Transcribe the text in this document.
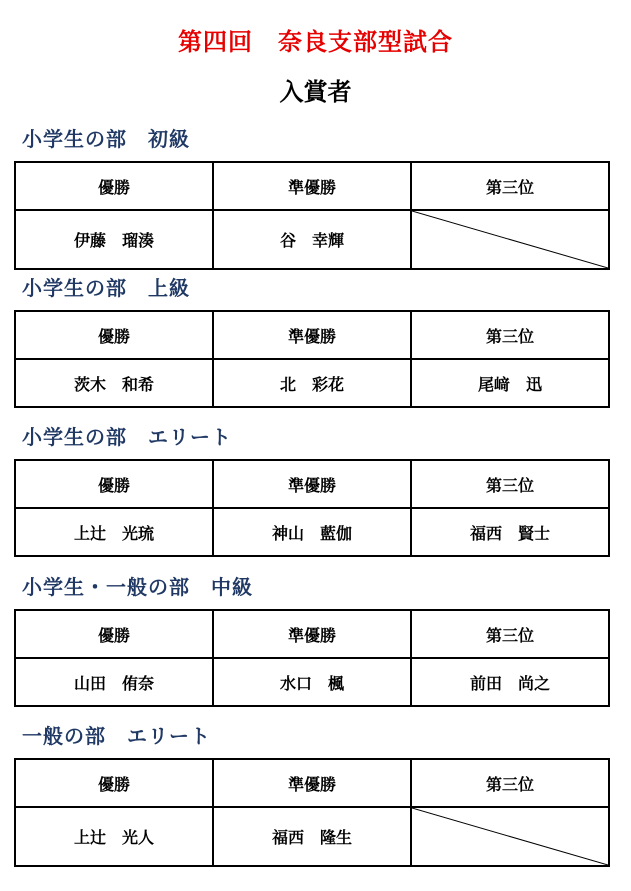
第四回　奈良支部型試合
入賞者
小学生の部　初級
優勝	準優勝	第三位
伊藤　瑠湊	谷　幸輝	

小学生の部　上級
優勝	準優勝	第三位
茨木　和希	北　彩花	尾﨑　迅
小学生の部　エリート
優勝	準優勝	第三位
上辻　光琉	神山　藍伽	福西　賢士
小学生・一般の部　中級
優勝	準優勝	第三位
山田　侑奈	水口　楓	前田　尚之
一般の部　エリート
優勝	準優勝	第三位
上辻　光人	福西　隆生	
